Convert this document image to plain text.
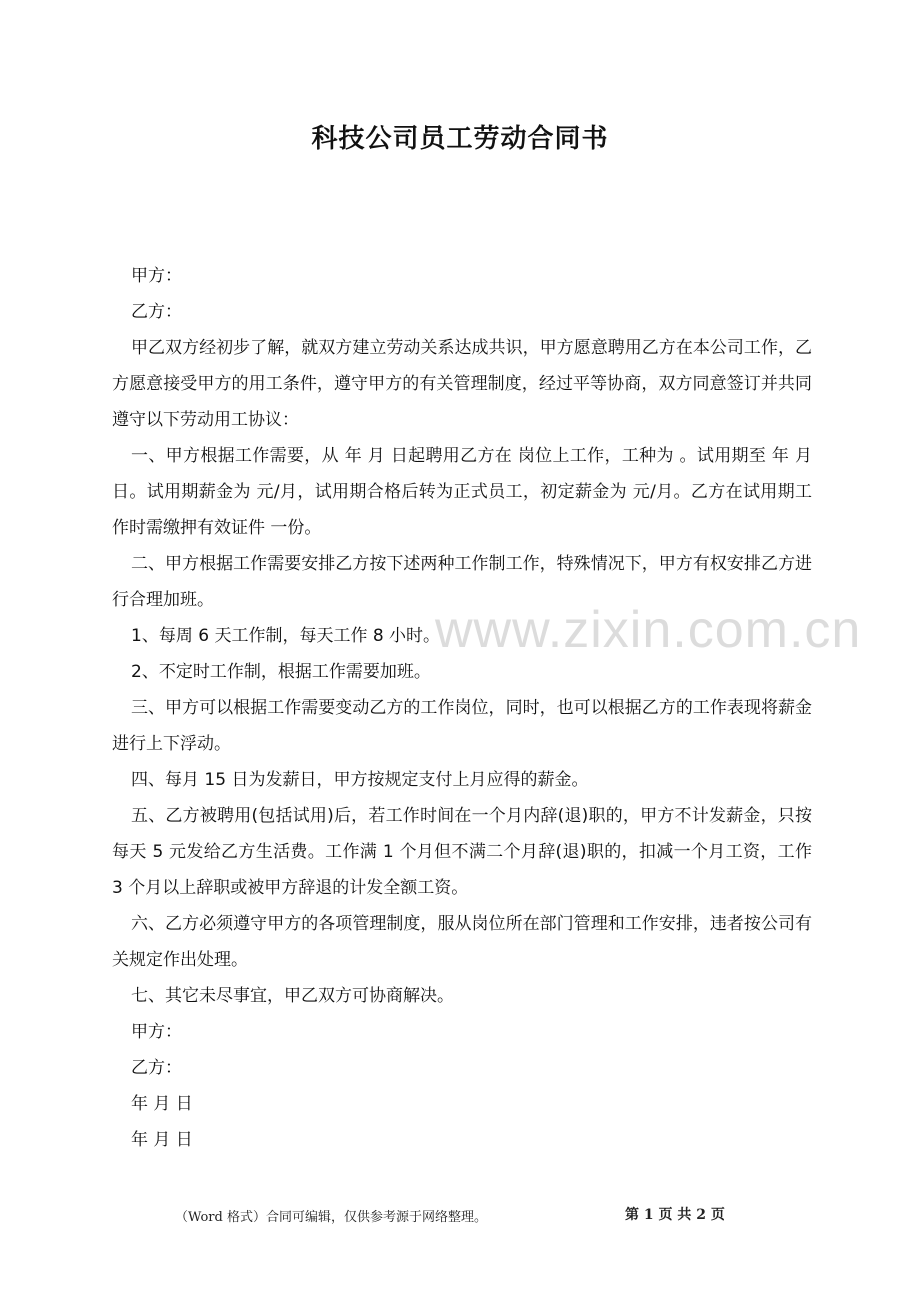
科技公司员工劳动合同书

甲方：

乙方：

甲乙双方经初步了解，就双方建立劳动关系达成共识，甲方愿意聘用乙方在本公司工作，乙方愿意接受甲方的用工条件，遵守甲方的有关管理制度，经过平等协商，双方同意签订并共同遵守以下劳动用工协议：

一、甲方根据工作需要，从 年 月 日起聘用乙方在 岗位上工作，工种为 。试用期至 年 月 日。试用期薪金为 元/月，试用期合格后转为正式员工，初定薪金为 元/月。乙方在试用期工作时需缴押有效证件 一份。

二、甲方根据工作需要安排乙方按下述两种工作制工作，特殊情况下，甲方有权安排乙方进行合理加班。

1、每周 6 天工作制，每天工作 8 小时。

2、不定时工作制，根据工作需要加班。

三、甲方可以根据工作需要变动乙方的工作岗位，同时，也可以根据乙方的工作表现将薪金进行上下浮动。

四、每月 15 日为发薪日，甲方按规定支付上月应得的薪金。

五、乙方被聘用(包括试用)后，若工作时间在一个月内辞(退)职的，甲方不计发薪金，只按每天 5 元发给乙方生活费。工作满 1 个月但不满二个月辞(退)职的，扣减一个月工资，工作 3 个月以上辞职或被甲方辞退的计发全额工资。

六、乙方必须遵守甲方的各项管理制度，服从岗位所在部门管理和工作安排，违者按公司有关规定作出处理。

七、其它未尽事宜，甲乙双方可协商解决。

甲方：

乙方：

年 月 日

年 月 日

www.zixin.com.cn
（Word 格式）合同可编辑，仅供参考源于网络整理。	第 1 页 共 2 页
